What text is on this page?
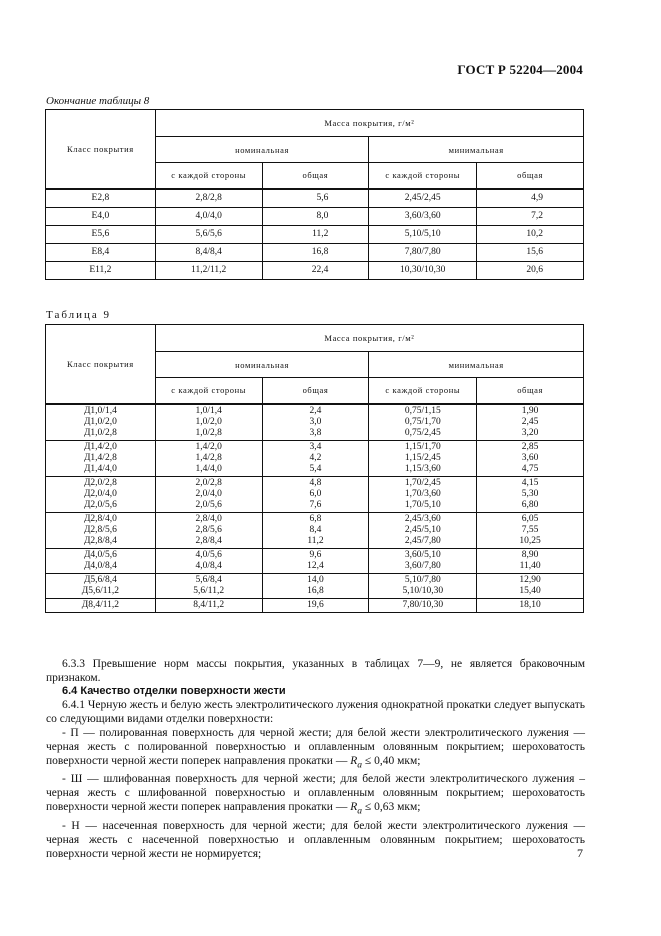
ГОСТ Р 52204—2004
Окончание таблицы 8
Класс покрытия	Масса покрытия, г/м²			
	номинальная		минимальная	
	с каждой стороны	общая	с каждой стороны	общая
Е2,8	2,8/2,8	5,6	2,45/2,45	4,9
Е4,0	4,0/4,0	8,0	3,60/3,60	7,2
Е5,6	5,6/5,6	11,2	5,10/5,10	10,2
Е8,4	8,4/8,4	16,8	7,80/7,80	15,6
Е11,2	11,2/11,2	22,4	10,30/10,30	20,6
Таблица 9
Класс покрытия	Масса покрытия, г/м²			
	номинальная		минимальная	
	с каждой стороны	общая	с каждой стороны	общая
Д1,0/1,4	1,0/1,4	2,4	0,75/1,15	1,90
Д1,0/2,0	1,0/2,0	3,0	0,75/1,70	2,45
Д1,0/2,8	1,0/2,8	3,8	0,75/2,45	3,20
Д1,4/2,0	1,4/2,0	3,4	1,15/1,70	2,85
Д1,4/2,8	1,4/2,8	4,2	1,15/2,45	3,60
Д1,4/4,0	1,4/4,0	5,4	1,15/3,60	4,75
Д2,0/2,8	2,0/2,8	4,8	1,70/2,45	4,15
Д2,0/4,0	2,0/4,0	6,0	1,70/3,60	5,30
Д2,0/5,6	2,0/5,6	7,6	1,70/5,10	6,80
Д2,8/4,0	2,8/4,0	6,8	2,45/3,60	6,05
Д2,8/5,6	2,8/5,6	8,4	2,45/5,10	7,55
Д2,8/8,4	2,8/8,4	11,2	2,45/7,80	10,25
Д4,0/5,6	4,0/5,6	9,6	3,60/5,10	8,90
Д4,0/8,4	4,0/8,4	12,4	3,60/7,80	11,40
Д5,6/8,4	5,6/8,4	14,0	5,10/7,80	12,90
Д5,6/11,2	5,6/11,2	16,8	5,10/10,30	15,40
Д8,4/11,2	8,4/11,2	19,6	7,80/10,30	18,10
6.3.3 Превышение норм массы покрытия, указанных в таблицах 7—9, не является браковочным признаком.
6.4 Качество отделки поверхности жести
6.4.1 Черную жесть и белую жесть электролитического лужения однократной прокатки следует выпускать со следующими видами отделки поверхности:
- П — полированная поверхность для черной жести; для белой жести электролитического лужения — черная жесть с полированной поверхностью и оплавленным оловянным покрытием; шероховатость поверхности черной жести поперек направления прокатки — $R_a \le 0,40$ мкм;
- Ш — шлифованная поверхность для черной жести; для белой жести электролитического лужения – черная жесть с шлифованной поверхностью и оплавленным оловянным покрытием; шероховатость поверхности черной жести поперек направления прокатки — $R_a \le 0,63$ мкм;
- Н — насеченная поверхность для черной жести; для белой жести электролитического лужения — черная жесть с насеченной поверхностью и оплавленным оловянным покрытием; шероховатость поверхности черной жести не нормируется;	7
